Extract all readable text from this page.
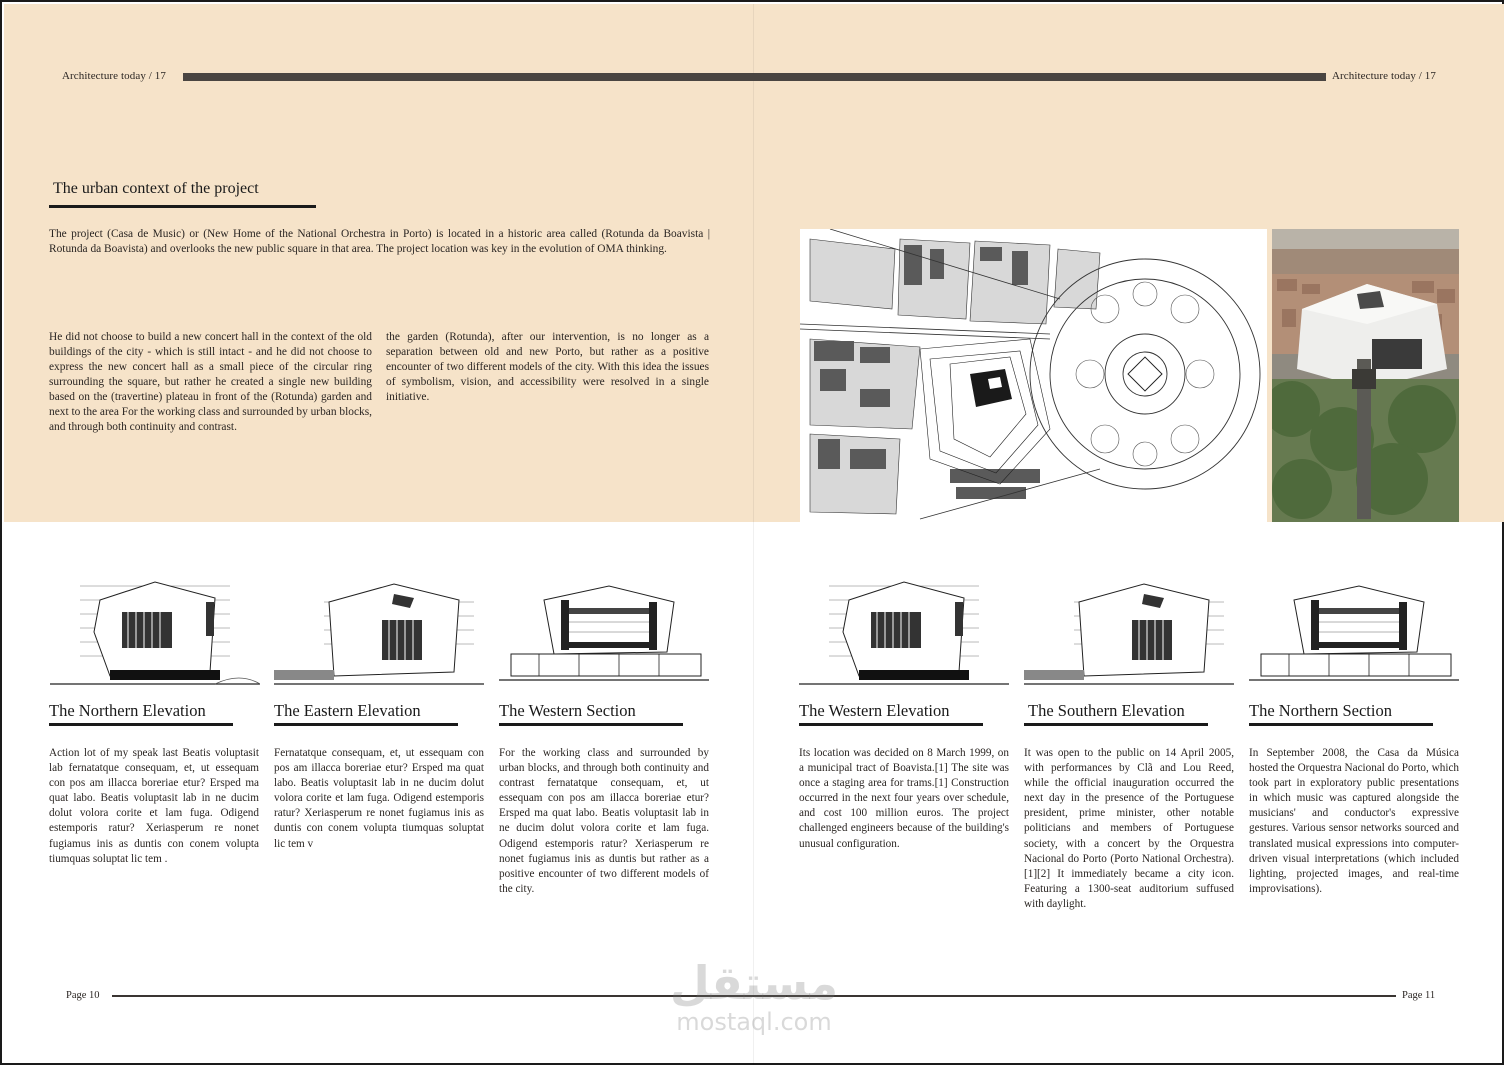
Architecture today / 17	Architecture today / 17
The urban context of the project

The project (Casa de Music) or (New Home of the National Orchestra in Porto) is located in a historic area called (Rotunda da Boavista | Rotunda da Boavista) and overlooks the new public square in that area. The project location was key in the evolution of OMA thinking.

He did not choose to build a new concert hall in the context of the old buildings of the city - which is still intact - and he did not choose to express the new concert hall as a small piece of the circular ring surrounding the square, but rather he created a single new building based on the (travertine) plateau in front of the (Rotunda) garden and next to the area For the working class and surrounded by urban blocks, and through both continuity and contrast.

the garden (Rotunda), after our intervention, is no longer as a separation between old and new Porto, but rather as a positive encounter of two different models of the city. With this idea the issues of symbolism, vision, and accessibility were resolved in a single initiative.

The Northern Elevation

Action lot of my speak last Beatis voluptasit lab fernatatque consequam, et, ut essequam con pos am illacca boreriae etur? Ersped ma quat labo. Beatis voluptasit lab in ne ducim dolut volora corite et lam fuga. Odigend estemporis ratur? Xeriasperum re nonet fugiamus inis as duntis con conem volupta tiumquas soluptat lic tem .

The Eastern Elevation

Fernatatque consequam, et, ut essequam con pos am illacca boreriae etur? Ersped ma quat labo. Beatis voluptasit lab in ne ducim dolut volora corite et lam fuga. Odigend estemporis ratur? Xeriasperum re nonet fugiamus inis as duntis con conem volupta tiumquas soluptat lic tem v

The Western Section

For the working class and surrounded by urban blocks, and through both continuity and contrast fernatatque consequam, et, ut essequam con pos am illacca boreriae etur? Ersped ma quat labo. Beatis voluptasit lab in ne ducim dolut volora corite et lam fuga. Odigend estemporis ratur? Xeriasperum re nonet fugiamus inis as duntis but rather as a positive encounter of two different models of the city.

The Western Elevation

Its location was decided on 8 March 1999, on a municipal tract of Boavista.[1] The site was once a staging area for trams.[1] Construction occurred in the next four years over schedule, and cost 100 million euros. The project challenged engineers because of the building's unusual configuration.

The Southern Elevation

It was open to the public on 14 April 2005, with performances by Clã and Lou Reed, while the official inauguration occurred the next day in the presence of the Portuguese president, prime minister, other notable politicians and members of Portuguese society, with a concert by the Orquestra Nacional do Porto (Porto National Orchestra).[1][2] It immediately became a city icon. Featuring a 1300-seat auditorium suffused with daylight.

The Northern Section

In September 2008, the Casa da Música hosted the Orquestra Nacional do Porto, which took part in exploratory public presentations in which music was captured alongside the musicians' and conductor's expressive gestures. Various sensor networks sourced and translated musical expressions into computer-driven visual interpretations (which included lighting, projected images, and real-time improvisations).

Page 10	Page 11
مستقل
mostaql.com
